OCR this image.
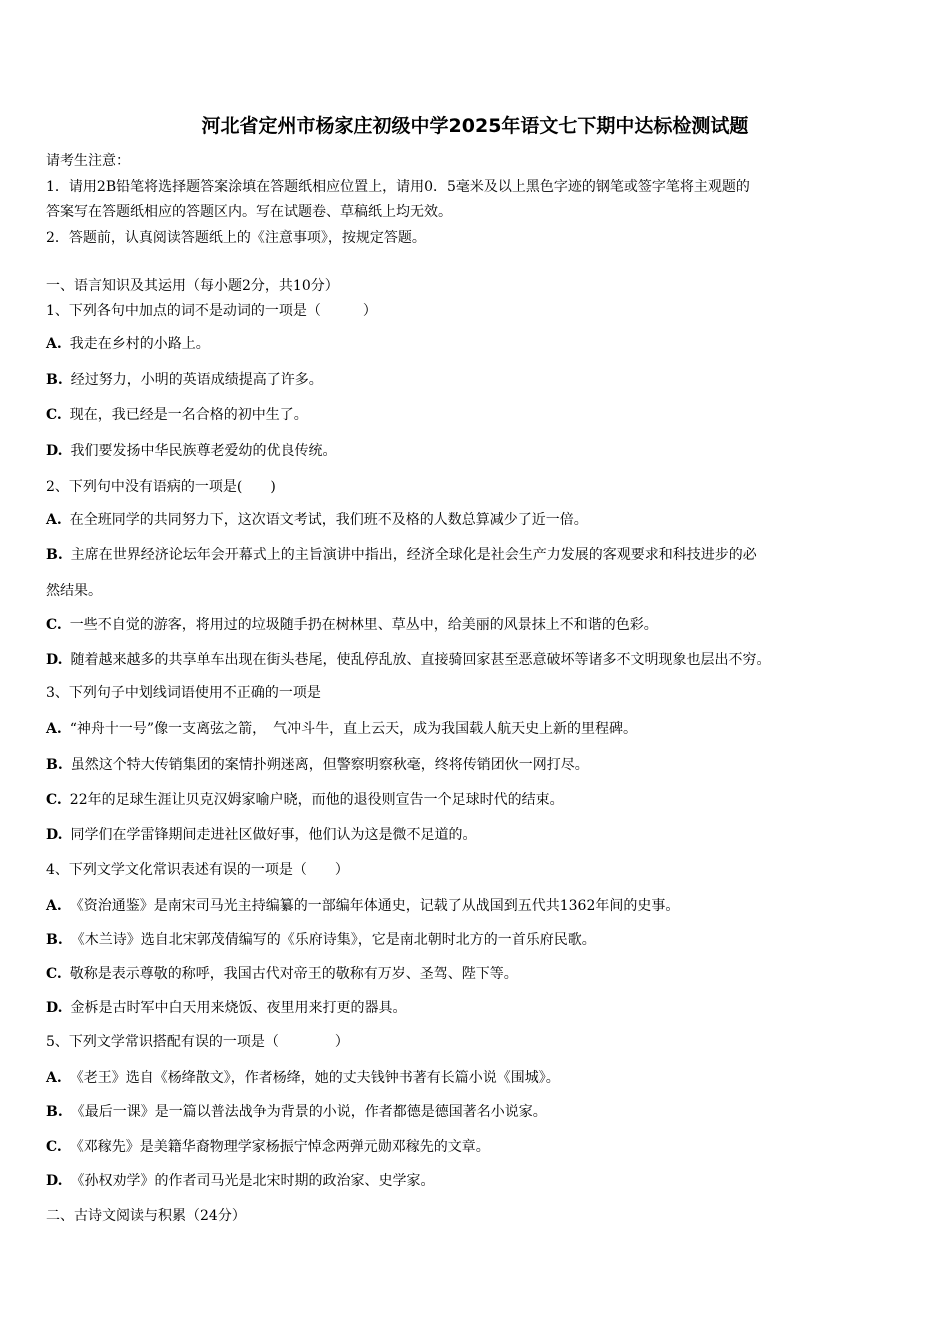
河北省定州市杨家庄初级中学2025年语文七下期中达标检测试题
请考生注意：
1．请用2B铅笔将选择题答案涂填在答题纸相应位置上，请用0．5毫米及以上黑色字迹的钢笔或签字笔将主观题的
答案写在答题纸相应的答题区内。写在试题卷、草稿纸上均无效。
2．答题前，认真阅读答题纸上的《注意事项》，按规定答题。
一、语言知识及其运用（每小题2分，共10分）
1、下列各句中加点的词不是动词的一项是（　　　）
A. 我走在乡村的小路上。
B. 经过努力，小明的英语成绩提高了许多。
C. 现在，我已经是一名合格的初中生了。
D. 我们要发扬中华民族尊老爱幼的优良传统。
2、下列句中没有语病的一项是(　　)
A. 在全班同学的共同努力下，这次语文考试，我们班不及格的人数总算减少了近一倍。
B. 主席在世界经济论坛年会开幕式上的主旨演讲中指出，经济全球化是社会生产力发展的客观要求和科技进步的必
然结果。
C. 一些不自觉的游客，将用过的垃圾随手扔在树林里、草丛中，给美丽的风景抹上不和谐的色彩。
D. 随着越来越多的共享单车出现在街头巷尾，使乱停乱放、直接骑回家甚至恶意破坏等诸多不文明现象也层出不穷。
3、下列句子中划线词语使用不正确的一项是
A. “神舟十一号”像一支离弦之箭，　气冲斗牛，直上云天，成为我国载人航天史上新的里程碑。
B. 虽然这个特大传销集团的案情扑朔迷离，但警察明察秋毫，终将传销团伙一网打尽。
C. 22年的足球生涯让贝克汉姆家喻户晓，而他的退役则宣告一个足球时代的结束。
D. 同学们在学雷锋期间走进社区做好事，他们认为这是微不足道的。
4、下列文学文化常识表述有误的一项是（　　）
A. 《资治通鉴》是南宋司马光主持编纂的一部编年体通史，记载了从战国到五代共1362年间的史事。
B. 《木兰诗》选自北宋郭茂倩编写的《乐府诗集》，它是南北朝时北方的一首乐府民歌。
C. 敬称是表示尊敬的称呼，我国古代对帝王的敬称有万岁、圣驾、陛下等。
D. 金柝是古时军中白天用来烧饭、夜里用来打更的器具。
5、下列文学常识搭配有误的一项是（　　　　）
A. 《老王》选自《杨绛散文》，作者杨绛，她的丈夫钱钟书著有长篇小说《围城》。
B. 《最后一课》是一篇以普法战争为背景的小说，作者都德是德国著名小说家。
C. 《邓稼先》是美籍华裔物理学家杨振宁悼念两弹元勋邓稼先的文章。
D. 《孙权劝学》的作者司马光是北宋时期的政治家、史学家。
二、古诗文阅读与积累（24分）
